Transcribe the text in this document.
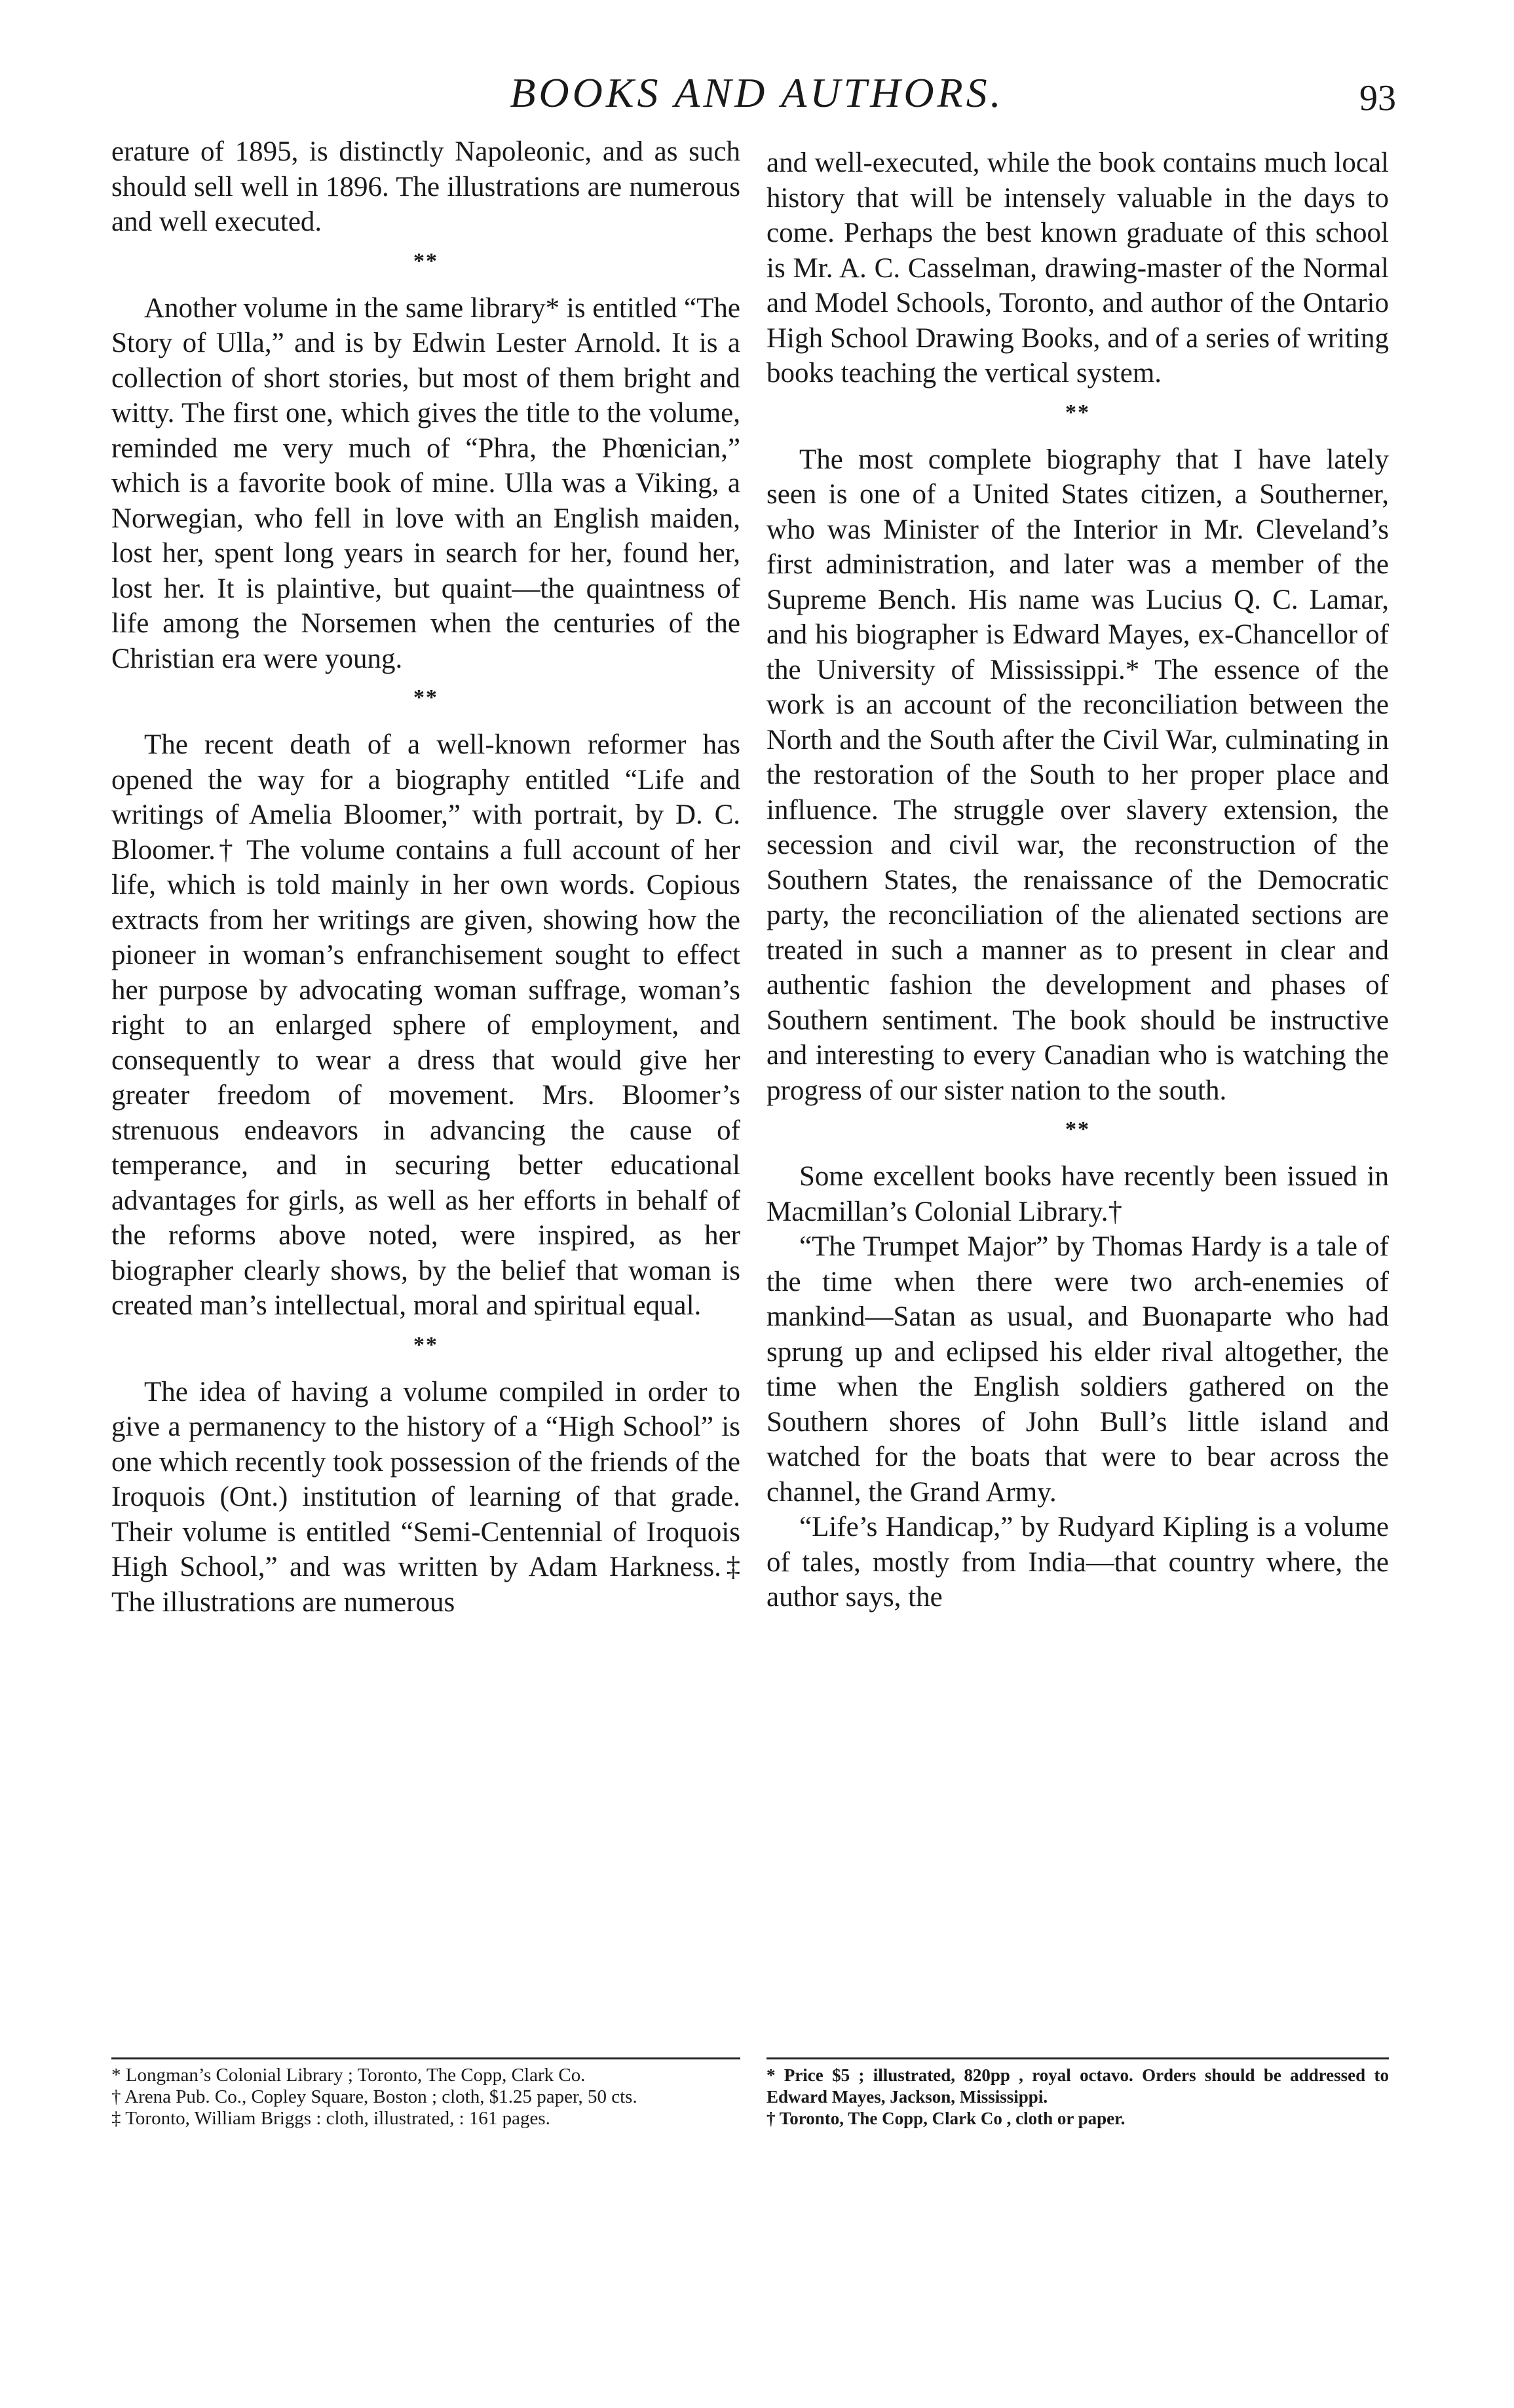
BOOKS AND AUTHORS.	93

erature of 1895, is distinctly Napoleonic, and as such should sell well in 1896. The illustrations are numerous and well executed.

**

Another volume in the same library* is entitled “The Story of Ulla,” and is by Edwin Lester Arnold. It is a collection of short stories, but most of them bright and witty. The first one, which gives the title to the volume, reminded me very much of “Phra, the Phœnician,” which is a favorite book of mine. Ulla was a Viking, a Norwegian, who fell in love with an English maiden, lost her, spent long years in search for her, found her, lost her. It is plaintive, but quaint—the quaintness of life among the Norsemen when the centuries of the Christian era were young.

**

The recent death of a well-known reformer has opened the way for a biography entitled “Life and writings of Amelia Bloomer,” with portrait, by D. C. Bloomer.† The volume contains a full account of her life, which is told mainly in her own words. Copious extracts from her writings are given, showing how the pioneer in woman’s enfranchisement sought to effect her purpose by advocating woman suffrage, woman’s right to an enlarged sphere of employment, and consequently to wear a dress that would give her greater freedom of movement. Mrs. Bloomer’s strenuous endeavors in advancing the cause of temperance, and in securing better educational advantages for girls, as well as her efforts in behalf of the reforms above noted, were inspired, as her biographer clearly shows, by the belief that woman is created man’s intellectual, moral and spiritual equal.

**

The idea of having a volume compiled in order to give a permanency to the history of a “High School” is one which recently took possession of the friends of the Iroquois (Ont.) institution of learning of that grade. Their volume is entitled “Semi-Centennial of Iroquois High School,” and was written by Adam Harkness.‡ The illustrations are numerous

and well-executed, while the book contains much local history that will be intensely valuable in the days to come. Perhaps the best known graduate of this school is Mr. A. C. Casselman, drawing-master of the Normal and Model Schools, Toronto, and author of the Ontario High School Drawing Books, and of a series of writing books teaching the vertical system.

**

The most complete biography that I have lately seen is one of a United States citizen, a Southerner, who was Minister of the Interior in Mr. Cleveland’s first administration, and later was a member of the Supreme Bench. His name was Lucius Q. C. Lamar, and his biographer is Edward Mayes, ex-Chancellor of the University of Mississippi.* The essence of the work is an account of the reconciliation between the North and the South after the Civil War, culminating in the restoration of the South to her proper place and influence. The struggle over slavery extension, the secession and civil war, the reconstruction of the Southern States, the renaissance of the Democratic party, the reconciliation of the alienated sections are treated in such a manner as to present in clear and authentic fashion the development and phases of Southern sentiment. The book should be instructive and interesting to every Canadian who is watching the progress of our sister nation to the south.

**

Some excellent books have recently been issued in Macmillan’s Colonial Library.†

“The Trumpet Major” by Thomas Hardy is a tale of the time when there were two arch-enemies of mankind—Satan as usual, and Buonaparte who had sprung up and eclipsed his elder rival altogether, the time when the English soldiers gathered on the Southern shores of John Bull’s little island and watched for the boats that were to bear across the channel, the Grand Army.

“Life’s Handicap,” by Rudyard Kipling is a volume of tales, mostly from India—that country where, the author says, the

* Longman’s Colonial Library ; Toronto, The Copp, Clark Co.

† Arena Pub. Co., Copley Square, Boston ; cloth, $1.25 paper, 50 cts.

‡ Toronto, William Briggs : cloth, illustrated, : 161 pages.

* Price $5 ; illustrated, 820pp , royal octavo. Orders should be addressed to Edward Mayes, Jackson, Mississippi.

† Toronto, The Copp, Clark Co , cloth or paper.
